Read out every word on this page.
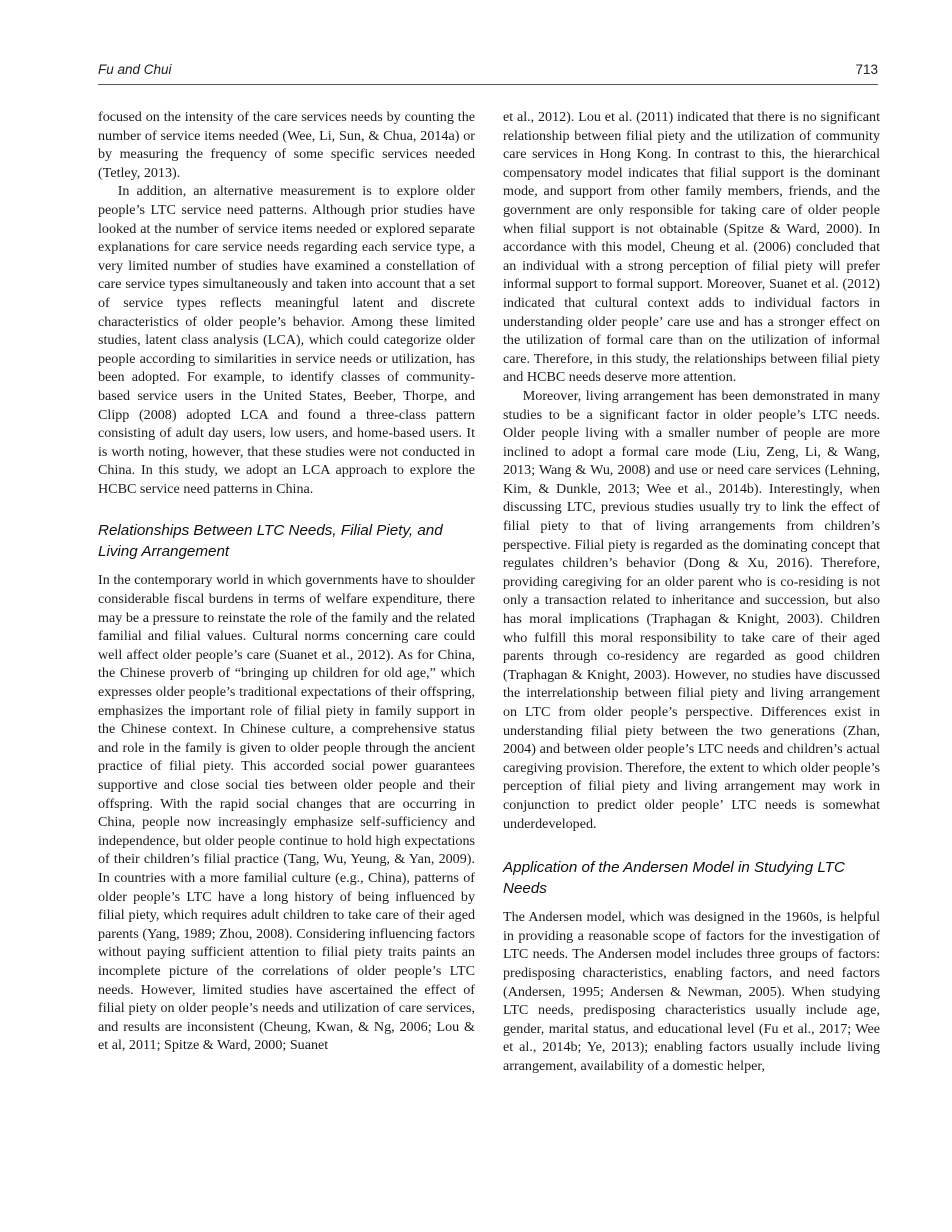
Fu and Chui	713

focused on the intensity of the care services needs by counting the number of service items needed (Wee, Li, Sun, & Chua, 2014a) or by measuring the frequency of some specific services needed (Tetley, 2013).

In addition, an alternative measurement is to explore older people’s LTC service need patterns. Although prior studies have looked at the number of service items needed or explored separate explanations for care service needs regarding each service type, a very limited number of studies have examined a constellation of care service types simultaneously and taken into account that a set of service types reflects meaningful latent and discrete characteristics of older people’s behavior. Among these limited studies, latent class analysis (LCA), which could categorize older people according to similarities in service needs or utilization, has been adopted. For example, to identify classes of community-based service users in the United States, Beeber, Thorpe, and Clipp (2008) adopted LCA and found a three-class pattern consisting of adult day users, low users, and home-based users. It is worth noting, however, that these studies were not conducted in China. In this study, we adopt an LCA approach to explore the HCBC service need patterns in China.

Relationships Between LTC Needs, Filial Piety, and Living Arrangement

In the contemporary world in which governments have to shoulder considerable fiscal burdens in terms of welfare expenditure, there may be a pressure to reinstate the role of the family and the related familial and filial values. Cultural norms concerning care could well affect older people’s care (Suanet et al., 2012). As for China, the Chinese proverb of “bringing up children for old age,” which expresses older people’s traditional expectations of their offspring, emphasizes the important role of filial piety in family support in the Chinese context. In Chinese culture, a comprehensive status and role in the family is given to older people through the ancient practice of filial piety. This accorded social power guarantees supportive and close social ties between older people and their offspring. With the rapid social changes that are occurring in China, people now increasingly emphasize self-sufficiency and independence, but older people continue to hold high expectations of their children’s filial practice (Tang, Wu, Yeung, & Yan, 2009). In countries with a more familial culture (e.g., China), patterns of older people’s LTC have a long history of being influenced by filial piety, which requires adult children to take care of their aged parents (Yang, 1989; Zhou, 2008). Considering influencing factors without paying sufficient attention to filial piety traits paints an incomplete picture of the correlations of older people’s LTC needs. However, limited studies have ascertained the effect of filial piety on older people’s needs and utilization of care services, and results are inconsistent (Cheung, Kwan, & Ng, 2006; Lou & et al, 2011; Spitze & Ward, 2000; Suanet

et al., 2012). Lou et al. (2011) indicated that there is no significant relationship between filial piety and the utilization of community care services in Hong Kong. In contrast to this, the hierarchical compensatory model indicates that filial support is the dominant mode, and support from other family members, friends, and the government are only responsible for taking care of older people when filial support is not obtainable (Spitze & Ward, 2000). In accordance with this model, Cheung et al. (2006) concluded that an individual with a strong perception of filial piety will prefer informal support to formal support. Moreover, Suanet et al. (2012) indicated that cultural context adds to individual factors in understanding older people’ care use and has a stronger effect on the utilization of formal care than on the utilization of informal care. Therefore, in this study, the relationships between filial piety and HCBC needs deserve more attention.

Moreover, living arrangement has been demonstrated in many studies to be a significant factor in older people’s LTC needs. Older people living with a smaller number of people are more inclined to adopt a formal care mode (Liu, Zeng, Li, & Wang, 2013; Wang & Wu, 2008) and use or need care services (Lehning, Kim, & Dunkle, 2013; Wee et al., 2014b). Interestingly, when discussing LTC, previous studies usually try to link the effect of filial piety to that of living arrangements from children’s perspective. Filial piety is regarded as the dominating concept that regulates children’s behavior (Dong & Xu, 2016). Therefore, providing caregiving for an older parent who is co-residing is not only a transaction related to inheritance and succession, but also has moral implications (Traphagan & Knight, 2003). Children who fulfill this moral responsibility to take care of their aged parents through co-residency are regarded as good children (Traphagan & Knight, 2003). However, no studies have discussed the interrelationship between filial piety and living arrangement on LTC from older people’s perspective. Differences exist in understanding filial piety between the two generations (Zhan, 2004) and between older people’s LTC needs and children’s actual caregiving provision. Therefore, the extent to which older people’s perception of filial piety and living arrangement may work in conjunction to predict older people’ LTC needs is somewhat underdeveloped.

Application of the Andersen Model in Studying LTC Needs

The Andersen model, which was designed in the 1960s, is helpful in providing a reasonable scope of factors for the investigation of LTC needs. The Andersen model includes three groups of factors: predisposing characteristics, enabling factors, and need factors (Andersen, 1995; Andersen & Newman, 2005). When studying LTC needs, predisposing characteristics usually include age, gender, marital status, and educational level (Fu et al., 2017; Wee et al., 2014b; Ye, 2013); enabling factors usually include living arrangement, availability of a domestic helper,
